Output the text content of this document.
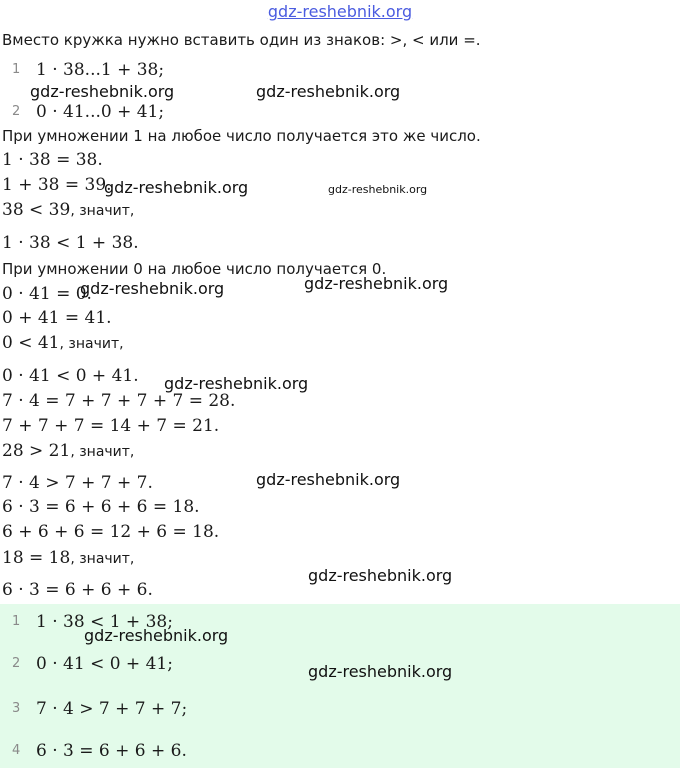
gdz-reshebnik.org
Вместо кружка нужно вставить один из знаков: >, < или =.
1 1 · 38...1 + 38;
2 0 · 41...0 + 41;
При умножении 1 на любое число получается это же число.
1 · 38 = 38.
1 + 38 = 39.
38 < 39, значит,
1 · 38 < 1 + 38.
При умножении 0 на любое число получается 0.
0 · 41 = 0.
0 + 41 = 41.
0 < 41, значит,
0 · 41 < 0 + 41.
7 · 4 = 7 + 7 + 7 + 7 = 28.
7 + 7 + 7 = 14 + 7 = 21.
28 > 21, значит,
7 · 4 > 7 + 7 + 7.
6 · 3 = 6 + 6 + 6 = 18.
6 + 6 + 6 = 12 + 6 = 18.
18 = 18, значит,
6 · 3 = 6 + 6 + 6.
1 1 · 38 < 1 + 38;
2 0 · 41 < 0 + 41;
3 7 · 4 > 7 + 7 + 7;
4 6 · 3 = 6 + 6 + 6.
gdz-reshebnik.org	gdz-reshebnik.org
gdz-reshebnik.org	gdz-reshebnik.org
gdz-reshebnik.org	gdz-reshebnik.org
gdz-reshebnik.org
gdz-reshebnik.org
gdz-reshebnik.org
gdz-reshebnik.org
gdz-reshebnik.org
